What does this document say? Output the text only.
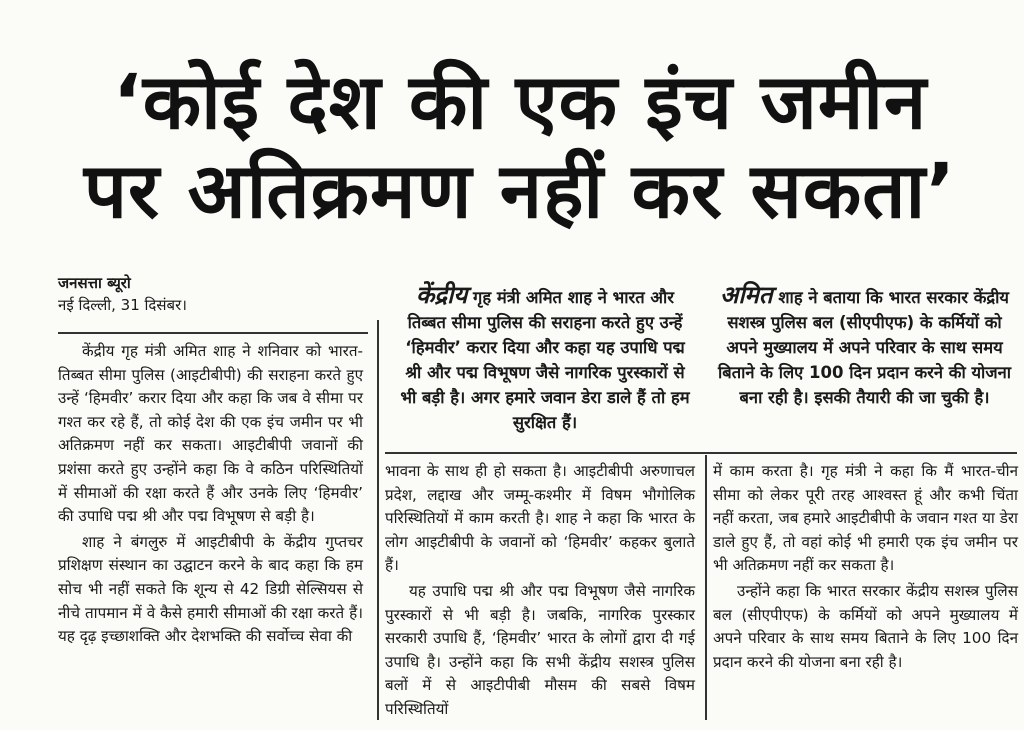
‘कोई देश की एक इंच जमीन
पर अतिक्रमण नहीं कर सकता’
जनसत्ता ब्यूरो
नई दिल्ली, 31 दिसंबर।	केंद्रीय गृह मंत्री अमित शाह ने भारत और तिब्बत सीमा पुलिस की सराहना करते हुए उन्हें ‘हिमवीर’ करार दिया और कहा यह उपाधि पद्म श्री और पद्म विभूषण जैसे नागरिक पुरस्कारों से भी बड़ी है। अगर हमारे जवान डेरा डाले हैं तो हम सुरक्षित हैं।
अमित शाह ने बताया कि भारत सरकार केंद्रीय सशस्त्र पुलिस बल (सीएपीएफ) के कर्मियों को अपने मुख्यालय में अपने परिवार के साथ समय बिताने के लिए 100 दिन प्रदान करने की योजना बना रही है। इसकी तैयारी की जा चुकी है।

केंद्रीय गृह मंत्री अमित शाह ने शनिवार को भारत-तिब्बत सीमा पुलिस (आइटीबीपी) की सराहना करते हुए उन्हें ‘हिमवीर’ करार दिया और कहा कि जब वे सीमा पर गश्त कर रहे हैं, तो कोई देश की एक इंच जमीन पर भी अतिक्रमण नहीं कर सकता। आइटीबीपी जवानों की प्रशंसा करते हुए उन्होंने कहा कि वे कठिन परिस्थितियों में सीमाओं की रक्षा करते हैं और उनके लिए ‘हिमवीर’ की उपाधि पद्म श्री और पद्म विभूषण से बड़ी है।

शाह ने बंगलुरु में आइटीबीपी के केंद्रीय गुप्तचर प्रशिक्षण संस्थान का उद्घाटन करने के बाद कहा कि हम सोच भी नहीं सकते कि शून्य से 42 डिग्री सेल्सियस से नीचे तापमान में वे कैसे हमारी सीमाओं की रक्षा करते हैं। यह दृढ़ इच्छाशक्ति और देशभक्ति की सर्वोच्च सेवा की

भावना के साथ ही हो सकता है। आइटीबीपी अरुणाचल प्रदेश, लद्दाख और जम्मू-कश्मीर में विषम भौगोलिक परिस्थितियों में काम करती है। शाह ने कहा कि भारत के लोग आइटीबीपी के जवानों को ‘हिमवीर’ कहकर बुलाते हैं।

यह उपाधि पद्म श्री और पद्म विभूषण जैसे नागरिक पुरस्कारों से भी बड़ी है। जबकि, नागरिक पुरस्कार सरकारी उपाधि हैं, ‘हिमवीर’ भारत के लोगों द्वारा दी गई उपाधि है। उन्होंने कहा कि सभी केंद्रीय सशस्त्र पुलिस बलों में से आइटीपीबी मौसम की सबसे विषम परिस्थितियों

में काम करता है। गृह मंत्री ने कहा कि मैं भारत-चीन सीमा को लेकर पूरी तरह आश्वस्त हूं और कभी चिंता नहीं करता, जब हमारे आइटीबीपी के जवान गश्त या डेरा डाले हुए हैं, तो वहां कोई भी हमारी एक इंच जमीन पर भी अतिक्रमण नहीं कर सकता है।

उन्होंने कहा कि भारत सरकार केंद्रीय सशस्त्र पुलिस बल (सीएपीएफ) के कर्मियों को अपने मुख्यालय में अपने परिवार के साथ समय बिताने के लिए 100 दिन प्रदान करने की योजना बना रही है।
